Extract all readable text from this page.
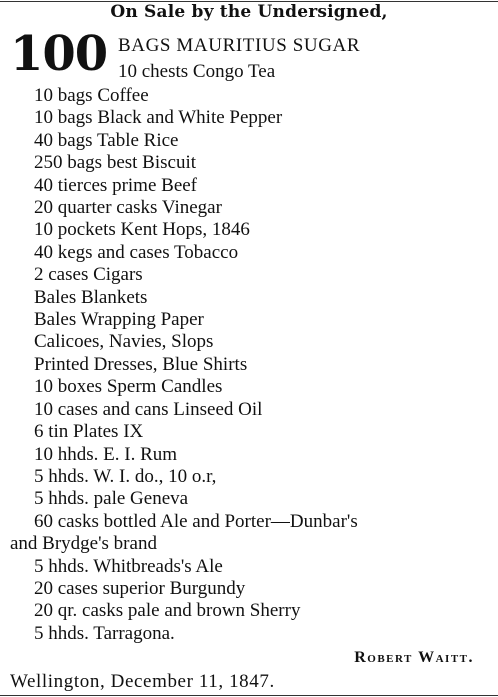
On Sale by the Undersigned,
100 BAGS MAURITIUS SUGAR
10 chests Congo Tea
10 bags Coffee
10 bags Black and White Pepper
40 bags Table Rice
250 bags best Biscuit
40 tierces prime Beef
20 quarter casks Vinegar
10 pockets Kent Hops, 1846
40 kegs and cases Tobacco
2 cases Cigars
Bales Blankets
Bales Wrapping Paper
Calicoes, Navies, Slops
Printed Dresses, Blue Shirts
10 boxes Sperm Candles
10 cases and cans Linseed Oil
6 tin Plates IX
10 hhds. E. I. Rum
5 hhds. W. I. do., 10 o.r,
5 hhds. pale Geneva
60 casks bottled Ale and Porter—Dunbar's
and Brydge's brand
5 hhds. Whitbreads's Ale
20 cases superior Burgundy
20 qr. casks pale and brown Sherry
5 hhds. Tarragona.
Robert Waitt.
Wellington, December 11, 1847.
